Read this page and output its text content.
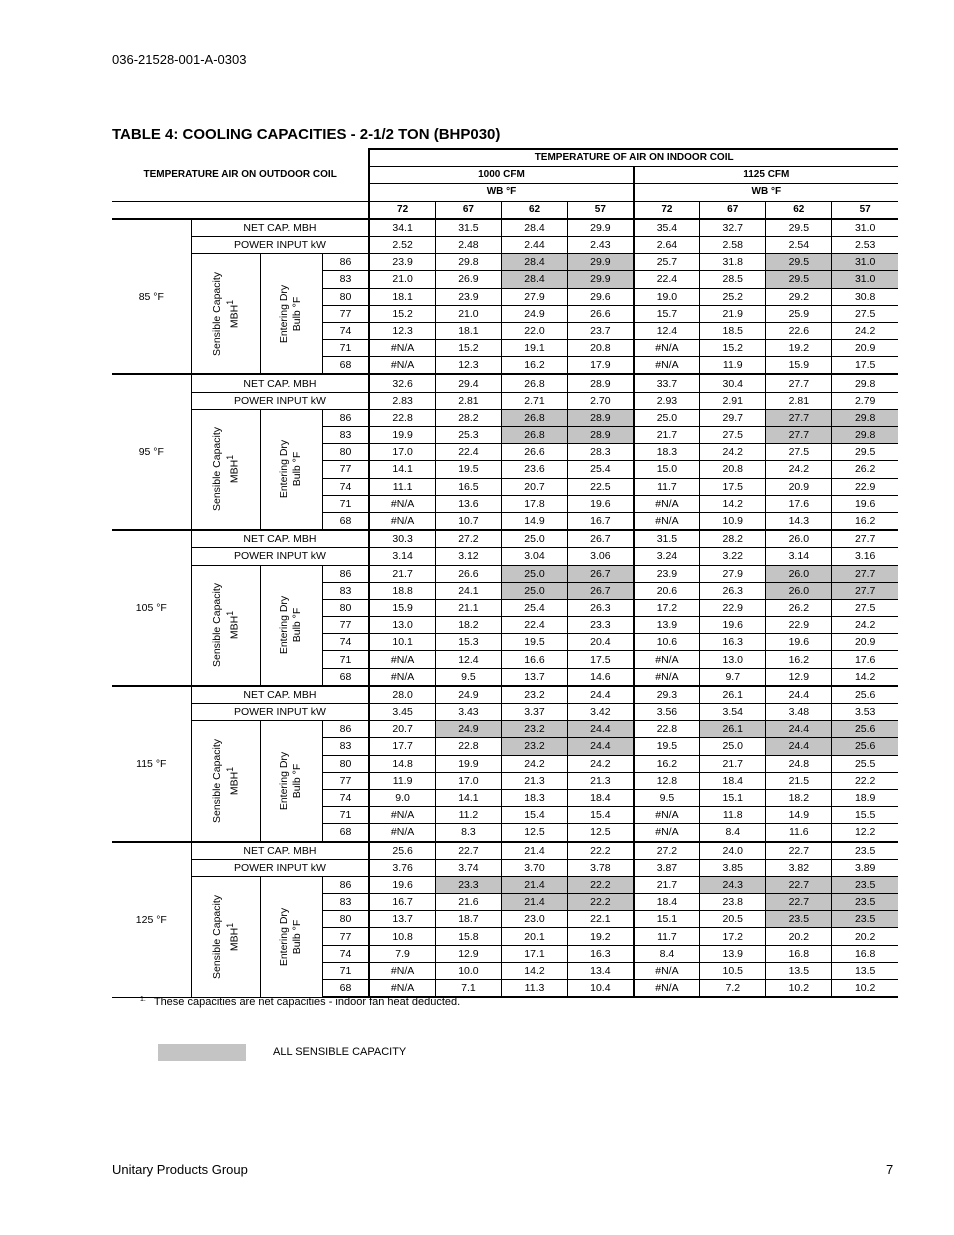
036-21528-001-A-0303
TABLE 4: COOLING CAPACITIES - 2-1/2 TON (BHP030)
TEMPERATURE AIR ON OUTDOOR COIL				TEMPERATURE OF AIR ON INDOOR COIL							
				1000 CFM				1125 CFM			
				WB °F				WB °F			
				72	67	62	57	72	67	62	57
85 °F	NET CAP. MBH			34.1	31.5	28.4	29.9	35.4	32.7	29.5	31.0
	POWER INPUT kW			2.52	2.48	2.44	2.43	2.64	2.58	2.54	2.53

	Sensible Capacity MBH$^1$	Entering Dry
Bulb °F	86	23.9	29.8	28.4	29.9	25.7	31.8	29.5	31.0
			83	21.0	26.9	28.4	29.9	22.4	28.5	29.5	31.0
			80	18.1	23.9	27.9	29.6	19.0	25.2	29.2	30.8
			77	15.2	21.0	24.9	26.6	15.7	21.9	25.9	27.5
			74	12.3	18.1	22.0	23.7	12.4	18.5	22.6	24.2
			71	#N/A	15.2	19.1	20.8	#N/A	15.2	19.2	20.9
			68	#N/A	12.3	16.2	17.9	#N/A	11.9	15.9	17.5
95 °F	NET CAP. MBH			32.6	29.4	26.8	28.9	33.7	30.4	27.7	29.8
	POWER INPUT kW			2.83	2.81	2.71	2.70	2.93	2.91	2.81	2.79

	Sensible Capacity MBH$^1$	Entering Dry
Bulb °F	86	22.8	28.2	26.8	28.9	25.0	29.7	27.7	29.8
			83	19.9	25.3	26.8	28.9	21.7	27.5	27.7	29.8
			80	17.0	22.4	26.6	28.3	18.3	24.2	27.5	29.5
			77	14.1	19.5	23.6	25.4	15.0	20.8	24.2	26.2
			74	11.1	16.5	20.7	22.5	11.7	17.5	20.9	22.9
			71	#N/A	13.6	17.8	19.6	#N/A	14.2	17.6	19.6
			68	#N/A	10.7	14.9	16.7	#N/A	10.9	14.3	16.2
105 °F	NET CAP. MBH			30.3	27.2	25.0	26.7	31.5	28.2	26.0	27.7
	POWER INPUT kW			3.14	3.12	3.04	3.06	3.24	3.22	3.14	3.16

	Sensible Capacity MBH$^1$	Entering Dry
Bulb °F	86	21.7	26.6	25.0	26.7	23.9	27.9	26.0	27.7
			83	18.8	24.1	25.0	26.7	20.6	26.3	26.0	27.7
			80	15.9	21.1	25.4	26.3	17.2	22.9	26.2	27.5
			77	13.0	18.2	22.4	23.3	13.9	19.6	22.9	24.2
			74	10.1	15.3	19.5	20.4	10.6	16.3	19.6	20.9
			71	#N/A	12.4	16.6	17.5	#N/A	13.0	16.2	17.6
			68	#N/A	9.5	13.7	14.6	#N/A	9.7	12.9	14.2
115 °F	NET CAP. MBH			28.0	24.9	23.2	24.4	29.3	26.1	24.4	25.6
	POWER INPUT kW			3.45	3.43	3.37	3.42	3.56	3.54	3.48	3.53

	Sensible Capacity MBH$^1$	Entering Dry
Bulb °F	86	20.7	24.9	23.2	24.4	22.8	26.1	24.4	25.6
			83	17.7	22.8	23.2	24.4	19.5	25.0	24.4	25.6
			80	14.8	19.9	24.2	24.2	16.2	21.7	24.8	25.5
			77	11.9	17.0	21.3	21.3	12.8	18.4	21.5	22.2
			74	9.0	14.1	18.3	18.4	9.5	15.1	18.2	18.9
			71	#N/A	11.2	15.4	15.4	#N/A	11.8	14.9	15.5
			68	#N/A	8.3	12.5	12.5	#N/A	8.4	11.6	12.2
125 °F	NET CAP. MBH			25.6	22.7	21.4	22.2	27.2	24.0	22.7	23.5
	POWER INPUT kW			3.76	3.74	3.70	3.78	3.87	3.85	3.82	3.89

	Sensible Capacity MBH$^1$	Entering Dry
Bulb °F	86	19.6	23.3	21.4	22.2	21.7	24.3	22.7	23.5
			83	16.7	21.6	21.4	22.2	18.4	23.8	22.7	23.5
			80	13.7	18.7	23.0	22.1	15.1	20.5	23.5	23.5
			77	10.8	15.8	20.1	19.2	11.7	17.2	20.2	20.2
			74	7.9	12.9	17.1	16.3	8.4	13.9	16.8	16.8
			71	#N/A	10.0	14.2	13.4	#N/A	10.5	13.5	13.5
			68	#N/A	7.1	11.3	10.4	#N/A	7.2	10.2	10.2
$^{1.}$ These capacities are net capacities - indoor fan heat deducted.
ALL SENSIBLE CAPACITY
Unitary Products Group	7
